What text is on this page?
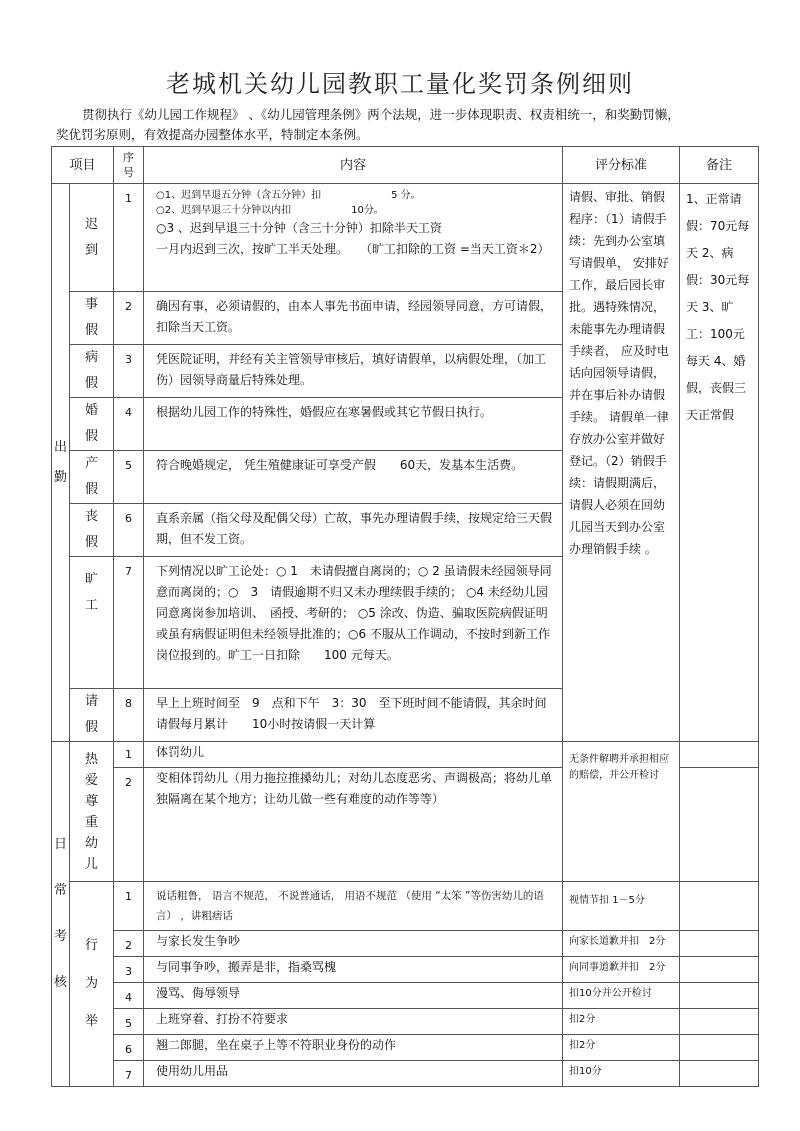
老城机关幼儿园教职工量化奖罚条例细则
贯彻执行《幼儿园工作规程》 、《幼儿园管理条例》两个法规，进一步体现职责、权责相统一，和奖勤罚懒，
奖优罚劣原则，有效提高办园整体水平，特制定本条例。
项目		序号	内容	评分标准	备注
出勤	迟到	1	○1、迟到早退五分钟（含五分钟）扣　　　　　　　5 分。
○2、迟到早退三十分钟以内扣　　　　　　10分。
○3 、迟到早退三十分钟（含三十分钟）扣除半天工资
一月内迟到三次，按旷工半天处理。　　（旷工扣除的工资 =当天工资＊2）	请假、审批、销假程序：（1）请假手续：先到办公室填写请假单， 安排好工作，最后园长审批。遇特殊情况，未能事先办理请假手续者， 应及时电话向园领导请假，并在事后补办请假手续。 请假单一律存放办公室并做好登记。（2）销假手续：请假期满后， 请假人必须在回幼儿园当天到办公室办理销假手续 。	1、正常请假：70元每天 2、病假：30元每天 3、旷工：100元每天 4、婚假，丧假三天正常假
	事假	2	确因有事，必须请假的，由本人事先书面申请，经园领导同意，方可请假，扣除当天工资。		
	病假	3	凭医院证明，并经有关主管领导审核后，填好请假单，以病假处理，（加工伤）园领导商量后特殊处理。		
	婚假	4	根据幼儿园工作的特殊性，婚假应在寒暑假或其它节假日执行。		
	产假	5	符合晚婚规定， 凭生殖健康证可享受产假　　60天，发基本生活费。		
	丧假	6	直系亲属（指父母及配偶父母）亡故，事先办理请假手续，按规定给三天假期，但不发工资。		
	旷工	7	下列情况以旷工论处：○ 1　未请假擅自离岗的；○ 2 虽请假未经园领导同意而离岗的；○　3　请假逾期不归又未办理续假手续的； ○4 未经幼儿园同意离岗参加培训、　函授、考研的； ○5 涂改、伪造、骗取医院病假证明或虽有病假证明但未经领导批准的；○6 不服从工作调动，不按时到新工作岗位报到的。旷工一日扣除　　100 元每天。		
	请假	8	早上上班时间至　9　点和下午　3：30　至下班时间不能请假，其余时间请假每月累计　　10小时按请假一天计算		
日常考核	热爱尊重幼儿	1	体罚幼儿	无条件解聘并承担相应的赔偿，并公开检讨	
		2	变相体罚幼儿（用力拖拉推搡幼儿；对幼儿态度恶劣、声调极高；将幼儿单独隔离在某个地方；让幼儿做一些有难度的动作等等）		
	行为举	1	说话粗鲁， 语言不规范， 不说普通话， 用语不规范 （使用 “太笨 ”等伤害幼儿的语言） ，讲粗痞话	视情节扣 1－5分	
		2	与家长发生争吵	向家长道歉并扣　2分	
		3	与同事争吵，搬弄是非，指桑骂槐	向同事道歉并扣　2分	
		4	漫骂、侮辱领导	扣10分并公开检讨	
		5	上班穿着、打扮不符要求	扣2分	
		6	翘二郎腿，坐在桌子上等不符职业身份的动作	扣2分	
		7	使用幼儿用品	扣10分	
